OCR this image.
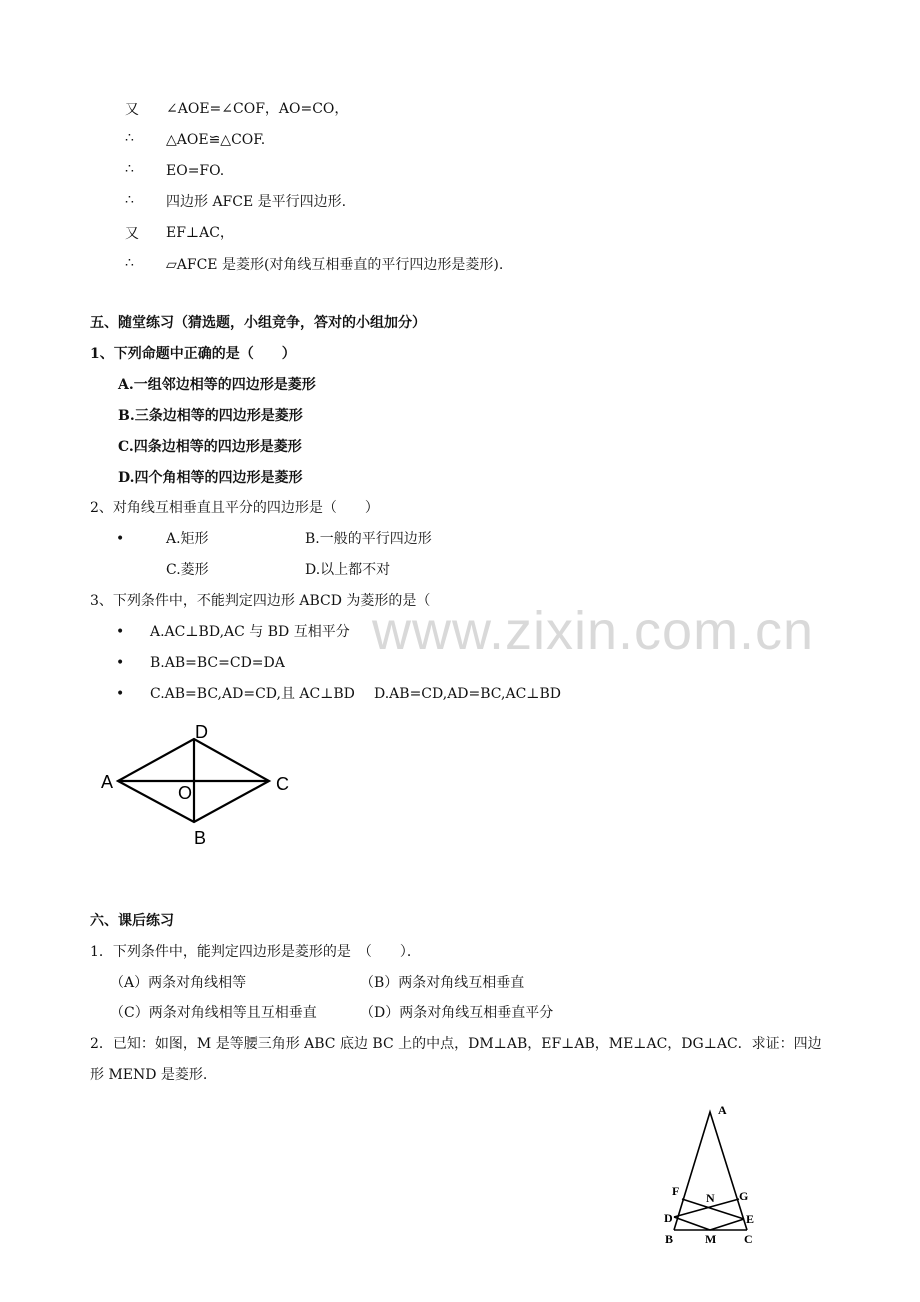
www.zixin.com.cn
又 ∠AOE=∠COF，AO=CO，
∴ △AOE≌△COF.
∴ EO=FO.
∴ 四边形 AFCE 是平行四边形.
又 EF⊥AC，
∴ ▱AFCE 是菱形(对角线互相垂直的平行四边形是菱形).
五、随堂练习（猜选题，小组竞争，答对的小组加分）
1、下列命题中正确的是（　　）
A.一组邻边相等的四边形是菱形
B.三条边相等的四边形是菱形
C.四条边相等的四边形是菱形
D.四个角相等的四边形是菱形
2、对角线互相垂直且平分的四边形是（　　）
•	A.矩形	B.一般的平行四边形
C.菱形	D.以上都不对
3、下列条件中，不能判定四边形 ABCD 为菱形的是（
• A.AC⊥BD,AC 与 BD 互相平分
• B.AB=BC=CD=DA
• C.AB=BC,AD=CD,且 AC⊥BD D.AB=CD,AD=BC,AC⊥BD
D
A	C
O
B
六、课后练习
1．下列条件中，能判定四边形是菱形的是　（　　）．
（A）两条对角线相等	（B）两条对角线互相垂直
（C）两条对角线相等且互相垂直	（D）两条对角线互相垂直平分
2．已知：如图，M 是等腰三角形 ABC 底边 BC 上的中点，DM⊥AB，EF⊥AB，ME⊥AC，DG⊥AC．求证：四边
形 MEND 是菱形.
A
F N G
D	E
B	M C
